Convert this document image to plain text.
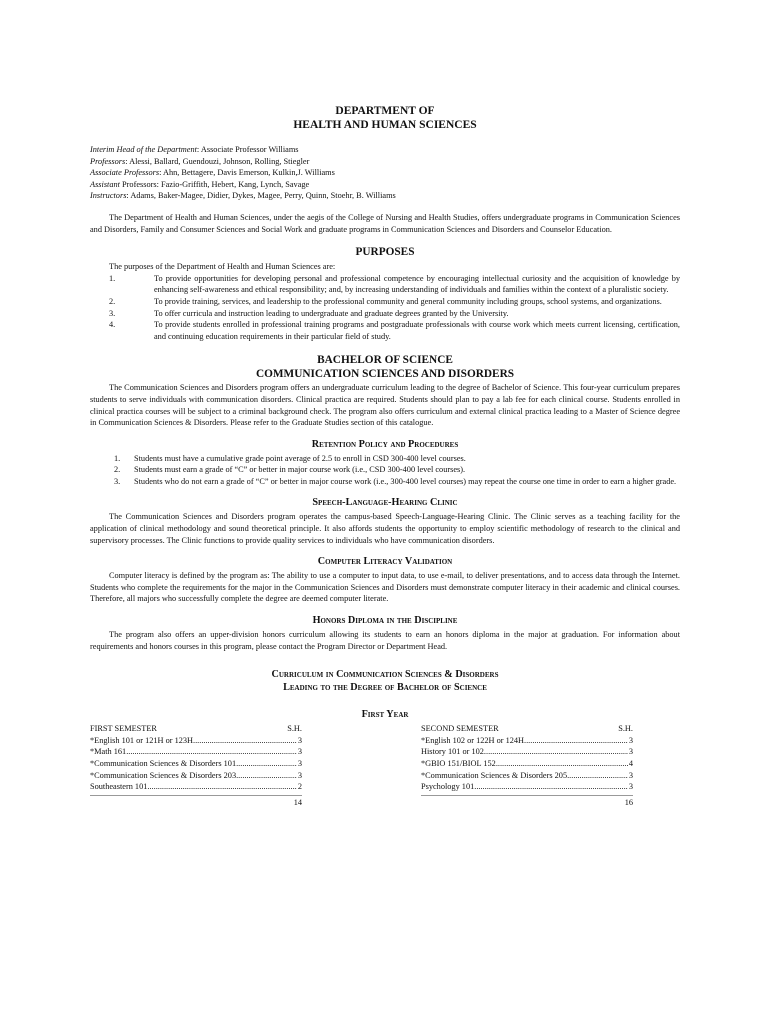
DEPARTMENT OF
HEALTH AND HUMAN SCIENCES
Interim Head of the Department: Associate Professor Williams
Professors: Alessi, Ballard, Guendouzi, Johnson, Rolling, Stiegler
Associate Professors: Ahn, Bettagere, Davis Emerson, Kulkin,J. Williams
Assistant Professors: Fazio-Griffith, Hebert, Kang, Lynch, Savage
Instructors: Adams, Baker-Magee, Didier, Dykes, Magee, Perry, Quinn, Stoehr, B. Williams

The Department of Health and Human Sciences, under the aegis of the College of Nursing and Health Studies, offers undergraduate programs in Communication Sciences and Disorders, Family and Consumer Sciences and Social Work and graduate programs in Communication Sciences and Disorders and Counselor Education.

PURPOSES
The purposes of the Department of Health and Human Sciences are:
1.	To provide opportunities for developing personal and professional competence by encouraging intellectual curiosity and the acquisition of knowledge by enhancing self-awareness and ethical responsibility; and, by increasing understanding of individuals and families within the context of a pluralistic society.
2.	To provide training, services, and leadership to the professional community and general community including groups, school systems, and organizations.
3.	To offer curricula and instruction leading to undergraduate and graduate degrees granted by the University.
4.	To provide students enrolled in professional training programs and postgraduate professionals with course work which meets current licensing, certification, and continuing education requirements in their particular field of study.
BACHELOR OF SCIENCE
COMMUNICATION SCIENCES AND DISORDERS

The Communication Sciences and Disorders program offers an undergraduate curriculum leading to the degree of Bachelor of Science. This four-year curriculum prepares students to serve individuals with communication disorders. Clinical practica are required. Students should plan to pay a lab fee for each clinical course. Students enrolled in clinical practica courses will be subject to a criminal background check. The program also offers curriculum and external clinical practica leading to a Master of Science degree in Communication Sciences & Disorders. Please refer to the Graduate Studies section of this catalogue.

Retention Policy and Procedures
1.	Students must have a cumulative grade point average of 2.5 to enroll in CSD 300-400 level courses.
2.	Students must earn a grade of “C” or better in major course work (i.e., CSD 300-400 level courses).
3.	Students who do not earn a grade of “C” or better in major course work (i.e., 300-400 level courses) may repeat the course one time in order to earn a higher grade.
Speech-Language-Hearing Clinic

The Communication Sciences and Disorders program operates the campus-based Speech-Language-Hearing Clinic. The Clinic serves as a teaching facility for the application of clinical methodology and sound theoretical principle. It also affords students the opportunity to employ scientific methodology of research to the clinical and supervisory processes. The Clinic functions to provide quality services to individuals who have communication disorders.

Computer Literacy Validation

Computer literacy is defined by the program as: The ability to use a computer to input data, to use e-mail, to deliver presentations, and to access data through the Internet. Students who complete the requirements for the major in the Communication Sciences and Disorders must demonstrate computer literacy in their academic and clinical courses. Therefore, all majors who successfully complete the degree are deemed computer literate.

Honors Diploma in the Discipline

The program also offers an upper-division honors curriculum allowing its students to earn an honors diploma in the major at graduation. For information about requirements and honors courses in this program, please contact the Program Director or Department Head.

Curriculum in Communication Sciences & Disorders
Leading to the Degree of Bachelor of Science
First Year
FIRST SEMESTER	S.H.
*English 101 or 121H or 123H .....	3
*Math 161 .....	3
*Communication Sciences & Disorders 101 .....	3
*Communication Sciences & Disorders 203 .....	3
Southeastern 101 .....	2
14
SECOND SEMESTER	S.H.
*English 102 or 122H or 124H .....	3
History 101 or 102 .....	3
*GBIO 151/BIOL 152 .....	4
*Communication Sciences & Disorders 205 .....	3
Psychology 101 .....	3
16
